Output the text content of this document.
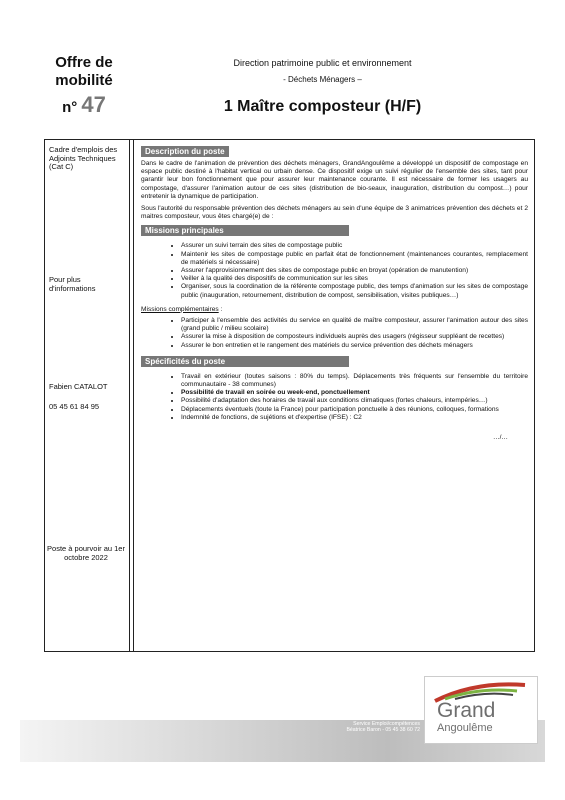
Offre de
mobilité
n° 47
Direction patrimoine public et environnement
- Déchets Ménagers –
1 Maître composteur (H/F)
Cadre d'emplois des Adjoints Techniques (Cat C)
Pour plus d'informations
Fabien CATALOT
05 45 61 84 95
Poste à pourvoir au 1er octobre 2022
Description du poste

Dans le cadre de l'animation de prévention des déchets ménagers, GrandAngoulême a développé un dispositif de compostage en espace public destiné à l'habitat vertical ou urbain dense. Ce dispositif exige un suivi régulier de l'ensemble des sites, tant pour garantir leur bon fonctionnement que pour assurer leur maintenance courante. Il est nécessaire de former les usagers au compostage, d'assurer l'animation autour de ces sites (distribution de bio-seaux, inauguration, distribution du compost…) pour entretenir la dynamique de participation.

Sous l'autorité du responsable prévention des déchets ménagers au sein d'une équipe de 3 animatrices prévention des déchets et 2 maitres composteur, vous êtes chargé(e) de :

Missions principales
• Assurer un suivi terrain des sites de compostage public
• Maintenir les sites de compostage public en parfait état de fonctionnement (maintenances courantes, remplacement de matériels si nécessaire)
• Assurer l'approvisionnement des sites de compostage public en broyat (opération de manutention)
• Veiller à la qualité des dispositifs de communication sur les sites
• Organiser, sous la coordination de la référente compostage public, des temps d'animation sur les sites de compostage public (inauguration, retournement, distribution de compost, sensibilisation, visites publiques…)
Missions complémentaires :
• Participer à l'ensemble des activités du service en qualité de maître composteur, assurer l'animation autour des sites (grand public / milieu scolaire)
• Assurer la mise à disposition de composteurs individuels auprès des usagers (régisseur suppléant de recettes)
• Assurer le bon entretien et le rangement des matériels du service prévention des déchets ménagers
Spécificités du poste
• Travail en extérieur (toutes saisons : 80% du temps). Déplacements très fréquents sur l'ensemble du territoire communautaire - 38 communes)
• Possibilité de travail en soirée ou week-end, ponctuellement
• Possibilité d'adaptation des horaires de travail aux conditions climatiques (fortes chaleurs, intempéries…)
• Déplacements éventuels (toute la France) pour participation ponctuelle à des réunions, colloques, formations
• Indemnité de fonctions, de sujétions et d'expertise (IFSE) : C2
…/…
Direction des Ressources Humaines
Service Emploi/compétences
Béatrice Baron - 05 45 38 60 72
Grand
Angoulême
